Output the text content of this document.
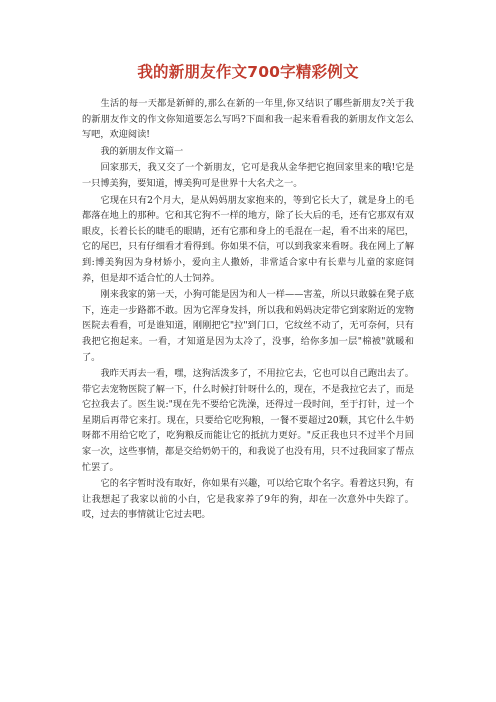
我的新朋友作文700字精彩例文

生活的每一天都是新鲜的,那么在新的一年里,你又结识了哪些新朋友?关于我的新朋友作文的作文你知道要怎么写吗?下面和我一起来看看我的新朋友作文怎么写吧，欢迎阅读!

我的新朋友作文篇一

回家那天，我又交了一个新朋友，它可是我从金华把它抱回家里来的哦!它是一只博美狗，要知道，博美狗可是世界十大名犬之一。

它现在只有2个月大，是从妈妈朋友家抱来的，等到它长大了，就是身上的毛都落在地上的那种。它和其它狗不一样的地方，除了长大后的毛，还有它那双有双眼皮，长着长长的睫毛的眼睛，还有它那和身上的毛混在一起，看不出来的尾巴，它的尾巴，只有仔细看才看得到。你如果不信，可以到我家来看呀。我在网上了解到:博美狗因为身材娇小，爱向主人撒娇，非常适合家中有长辈与儿童的家庭饲养，但是却不适合忙的人士饲养。

刚来我家的第一天，小狗可能是因为和人一样——害羞，所以只敢躲在凳子底下，连走一步路都不敢。因为它浑身发抖，所以我和妈妈决定带它到家附近的宠物医院去看看，可是谁知道，刚刚把它"拉"到门口，它纹丝不动了，无可奈何，只有我把它抱起来。一看，才知道是因为太冷了，没事，给你多加一层"棉被"就暖和了。

我昨天再去一看，嘿，这狗活泼多了，不用拉它去，它也可以自己跑出去了。带它去宠物医院了解一下，什么时候打针呀什么的，现在，不是我拉它去了，而是它拉我去了。医生说:"现在先不要给它洗澡，还得过一段时间，至于打针，过一个星期后再带它来打。现在，只要给它吃狗粮，一餐不要超过20颗，其它什么牛奶呀都不用给它吃了，吃狗粮反而能让它的抵抗力更好。"反正我也只不过半个月回家一次，这些事情，都是交给奶奶干的，和我说了也没有用，只不过我回家了帮点忙罢了。

它的名字暂时没有取好，你如果有兴趣，可以给它取个名字。看着这只狗，有让我想起了我家以前的小白，它是我家养了9年的狗，却在一次意外中失踪了。哎，过去的事情就让它过去吧。
